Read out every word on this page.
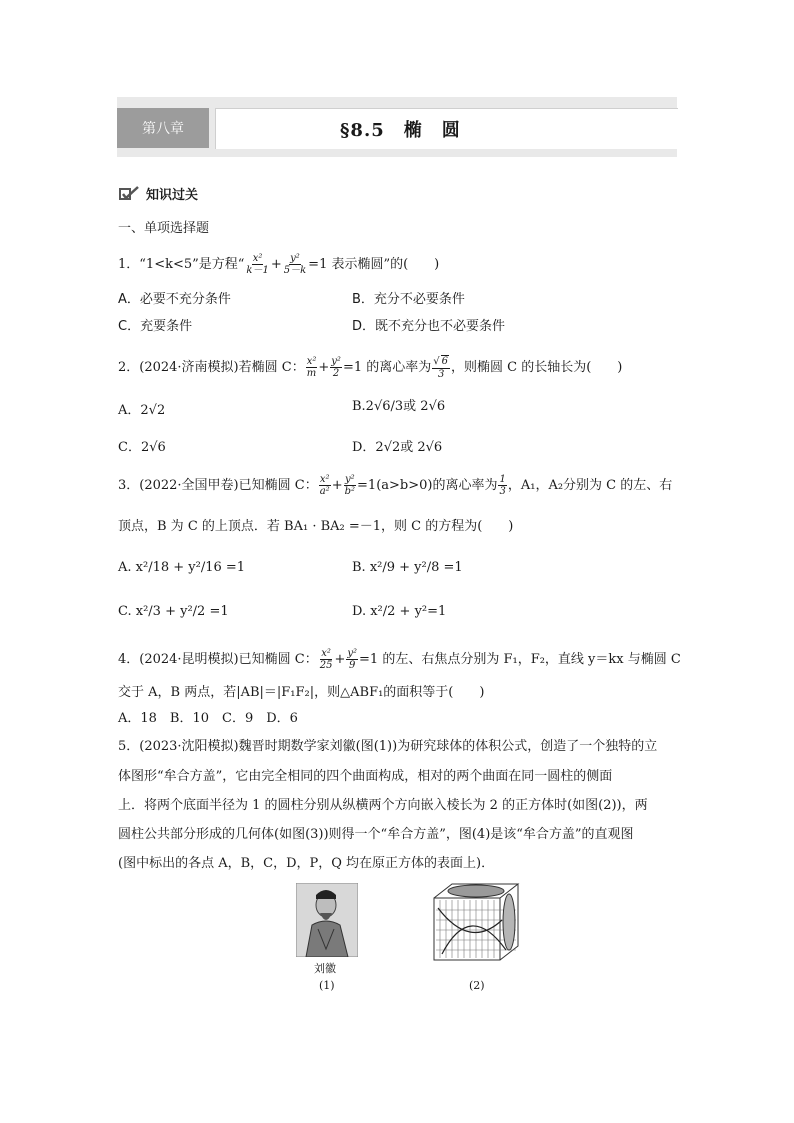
第八章	§8.5　椭　圆
知识过关
一、单项选择题
1．“1<k<5”是方程“ $\frac{\text{x²}}{k-1} + \frac{\text{y²}}{5-k} =1$ 表示椭圆”的(　　)
A．必要不充分条件	B．充分不必要条件
C．充要条件	D．既不充分也不必要条件
2．(2024·济南模拟)若椭圆 C： $\frac{\text{x²}}{m} + \frac{\text{y²}}{2} =1$ 的离心率为 $\frac{√ 6}{3}$ ，则椭圆 C 的长轴长为(　　)
A．2√2	B.2√6/3或 2√6
C．2√6	D．2√2或 2√6
3．(2022·全国甲卷)已知椭圆 C： $\frac{\text{x²}}{\text{a²}} + \frac{\text{y²}}{\text{b²}} =1(a>b>0)$的离心率为 $\frac{1}{3}$ ，A₁，A₂分别为 C 的左、右
顶点，B 为 C 的上顶点．若 BA₁ · BA₂ =－1，则 C 的方程为(　　)
A. x²/18 + y²/16 =1	B. x²/9 + y²/8 =1
C. x²/3 + y²/2 =1	D. x²/2 + y²=1
4．(2024·昆明模拟)已知椭圆 C： $\frac{\text{x²}}{25} + \frac{\text{y²}}{9} =1$ 的左、右焦点分别为 F₁，F₂，直线 y＝kx 与椭圆 C
交于 A，B 两点，若|AB|＝|F₁F₂|，则△ABF₁的面积等于(　　)
A．18　B．10　C．9　D．6
5．(2023·沈阳模拟)魏晋时期数学家刘徽(图(1))为研究球体的体积公式，创造了一个独特的立
体图形“牟合方盖”，它由完全相同的四个曲面构成，相对的两个曲面在同一圆柱的侧面
上．将两个底面半径为 1 的圆柱分别从纵横两个方向嵌入棱长为 2 的正方体时(如图(2))，两
圆柱公共部分形成的几何体(如图(3))则得一个“牟合方盖”，图(4)是该“牟合方盖”的直观图
(图中标出的各点 A，B，C，D，P，Q 均在原正方体的表面上)．
刘徽
(1)	(2)
